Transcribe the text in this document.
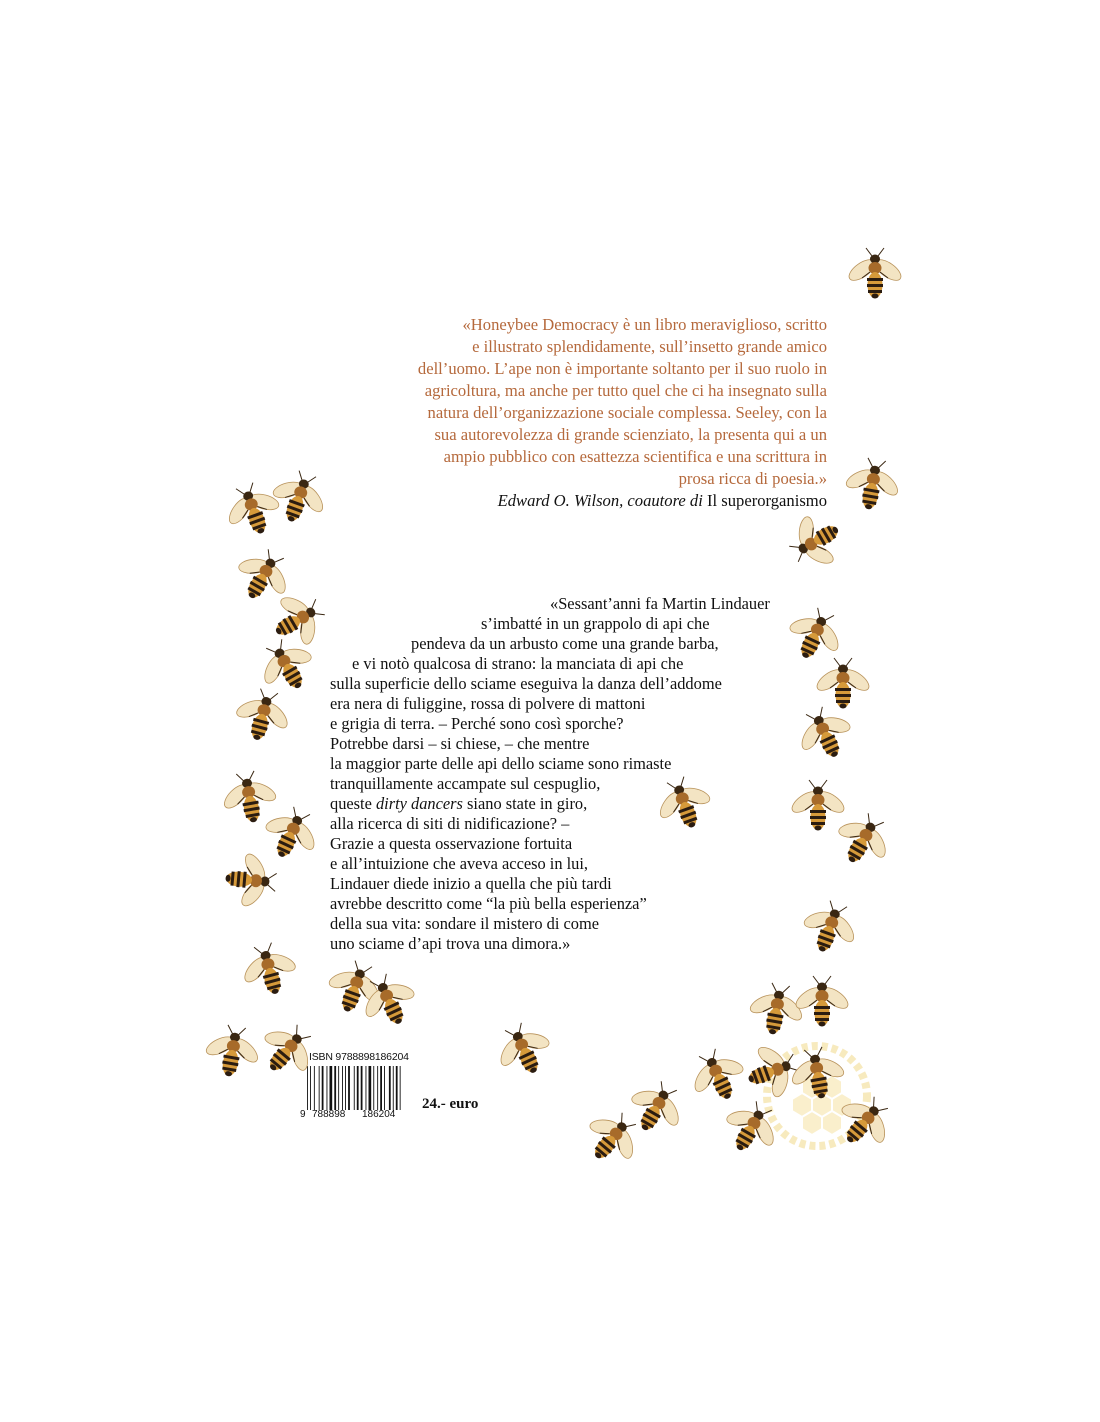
«Honeybee Democracy è un libro meraviglioso, scritto
e illustrato splendidamente, sull’insetto grande amico
dell’uomo. L’ape non è importante soltanto per il suo ruolo in
agricoltura, ma anche per tutto quel che ci ha insegnato sulla
natura dell’organizzazione sociale complessa. Seeley, con la
sua autorevolezza di grande scienziato, la presenta qui a un
ampio pubblico con esattezza scientifica e una scrittura in
prosa ricca di poesia.»
Edward O. Wilson, coautore di Il superorganismo
«Sessant’anni fa Martin Lindauer
s’imbatté in un grappolo di api che
pendeva da un arbusto come una grande barba,
e vi notò qualcosa di strano: la manciata di api che
sulla superficie dello sciame eseguiva la danza dell’addome
era nera di fuliggine, rossa di polvere di mattoni
e grigia di terra. – Perché sono così sporche?
Potrebbe darsi – si chiese, – che mentre
la maggior parte delle api dello sciame sono rimaste
tranquillamente accampate sul cespuglio,
queste dirty dancers siano state in giro,
alla ricerca di siti di nidificazione? –
Grazie a questa osservazione fortuita
e all’intuizione che aveva acceso in lui,
Lindauer diede inizio a quella che più tardi
avrebbe descritto come “la più bella esperienza”
della sua vita: sondare il mistero di come
uno sciame d’api trova una dimora.»
ISBN 9788898186204
9 788898 186204
24.- euro
